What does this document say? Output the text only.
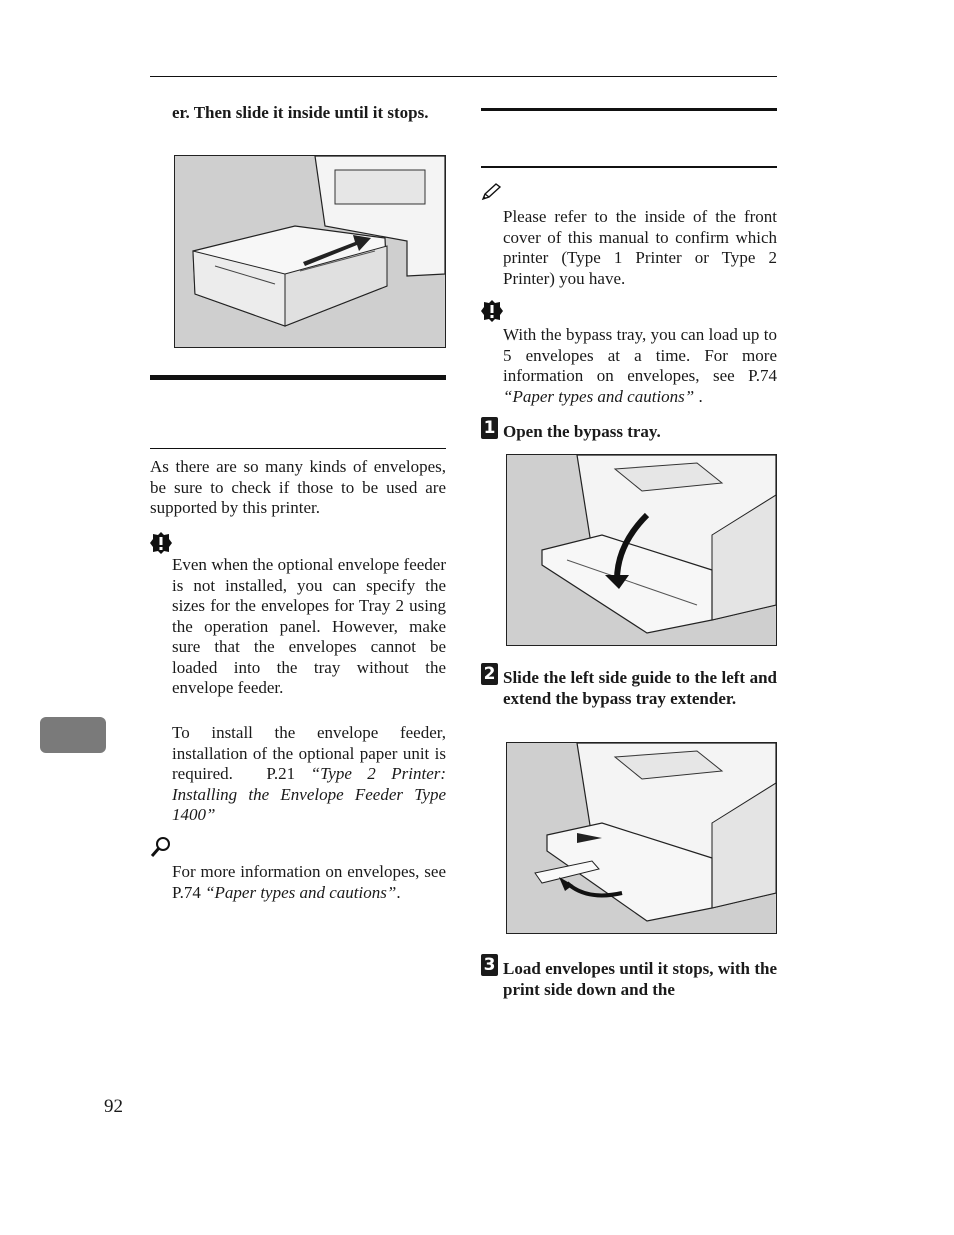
er. Then slide it inside until it stops.
As there are so many kinds of envelopes, be sure to check if those to be used are supported by this printer.
Even when the optional envelope feeder is not installed, you can specify the sizes for the envelopes for Tray 2 using the operation panel. However, make sure that the envelopes cannot be loaded into the tray without the envelope feeder.
To install the envelope feeder, installation of the optional paper unit is required. P.21 “Type 2 Printer: Installing the Envelope Feeder Type 1400”
For more information on envelopes, see P.74 “Paper types and cautions”.
92
Please refer to the inside of the front cover of this manual to confirm which printer (Type 1 Printer or Type 2 Printer) you have.
With the bypass tray, you can load up to 5 envelopes at a time. For more information on envelopes, see P.74 “Paper types and cautions” .
1 Open the bypass tray.
2 Slide the left side guide to the left and extend the bypass tray extender.
3 Load envelopes until it stops, with the print side down and the
